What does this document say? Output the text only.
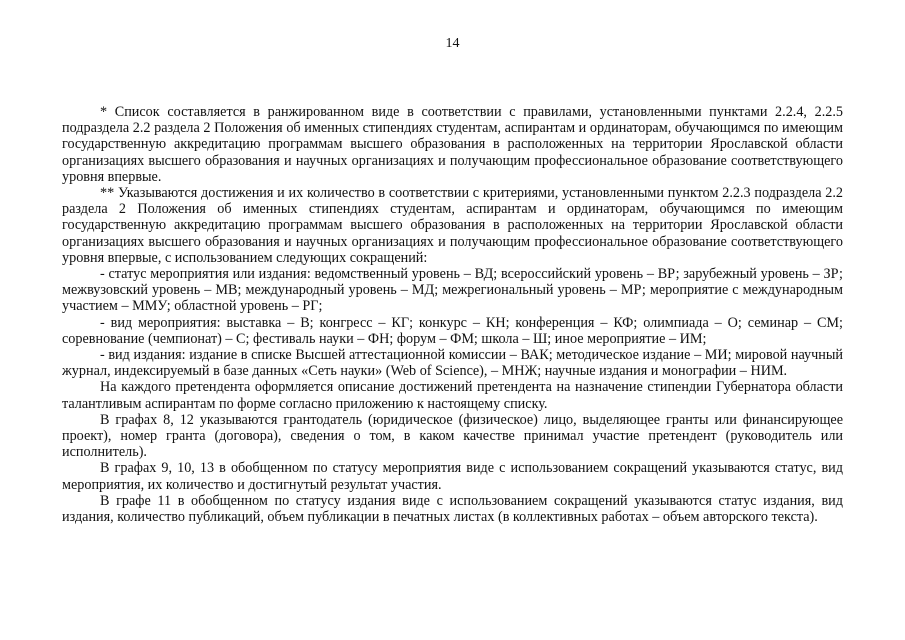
14

* Список составляется в ранжированном виде в соответствии с правилами, установленными пунктами 2.2.4, 2.2.5 подраздела 2.2 раздела 2 Положения об именных стипендиях студентам, аспирантам и ординаторам, обучающимся по имеющим государственную аккредитацию программам высшего образования в расположенных на территории Ярославской области организациях высшего образования и научных организациях и получающим профессиональное образование соответствующего уровня впервые.

** Указываются достижения и их количество в соответствии с критериями, установленными пунктом 2.2.3 подраздела 2.2 раздела 2 Положения об именных стипендиях студентам, аспирантам и ординаторам, обучающимся по имеющим государственную аккредитацию программам высшего образования в расположенных на территории Ярославской области организациях высшего образования и научных организациях и получающим профессиональное образование соответствующего уровня впервые, с использованием следующих сокращений:

- статус мероприятия или издания: ведомственный уровень – ВД; всероссийский уровень – ВР; зарубежный уровень – ЗР; межвузовский уровень – МВ; международный уровень – МД; межрегиональный уровень – МР; мероприятие с международным участием – ММУ; областной уровень – РГ;

- вид мероприятия: выставка – В; конгресс – КГ; конкурс – КН; конференция – КФ; олимпиада – О; семинар – СМ; соревнование (чемпионат) – С; фестиваль науки – ФН; форум – ФМ; школа – Ш; иное мероприятие – ИМ;

- вид издания: издание в списке Высшей аттестационной комиссии – ВАК; методическое издание – МИ; мировой научный журнал, индексируемый в базе данных «Сеть науки» (Web of Science), – МНЖ; научные издания и монографии – НИМ.

На каждого претендента оформляется описание достижений претендента на назначение стипендии Губернатора области талантливым аспирантам по форме согласно приложению к настоящему списку.

В графах 8, 12 указываются грантодатель (юридическое (физическое) лицо, выделяющее гранты или финансирующее проект), номер гранта (договора), сведения о том, в каком качестве принимал участие претендент (руководитель или исполнитель).

В графах 9, 10, 13 в обобщенном по статусу мероприятия виде с использованием сокращений указываются статус, вид мероприятия, их количество и достигнутый результат участия.

В графе 11 в обобщенном по статусу издания виде с использованием сокращений указываются статус издания, вид издания, количество публикаций, объем публикации в печатных листах (в коллективных работах – объем авторского текста).
